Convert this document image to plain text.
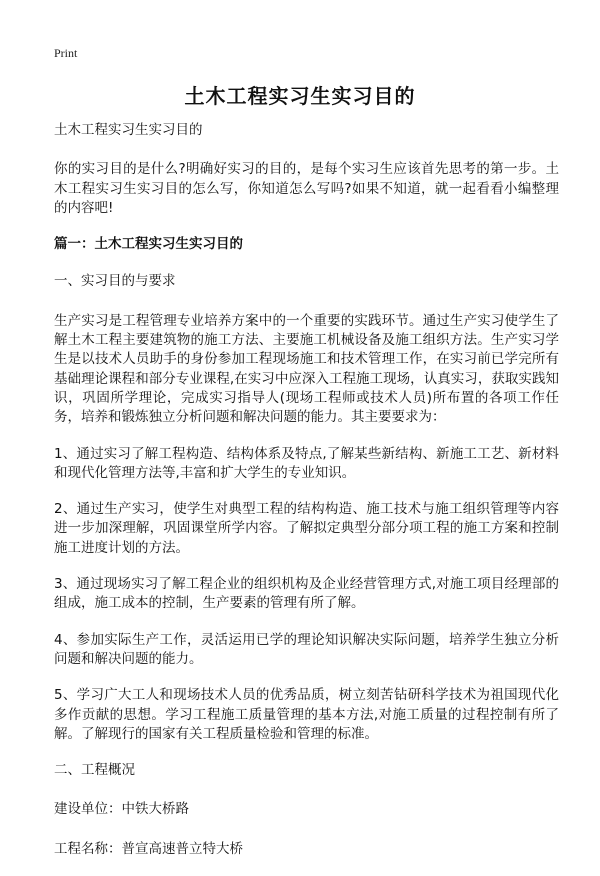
Print
土木工程实习生实习目的

土木工程实习生实习目的

你的实习目的是什么?明确好实习的目的，是每个实习生应该首先思考的第一步。土木工程实习生实习目的怎么写，你知道怎么写吗?如果不知道，就一起看看小编整理的内容吧!

篇一：土木工程实习生实习目的

一、实习目的与要求

生产实习是工程管理专业培养方案中的一个重要的实践环节。通过生产实习使学生了解土木工程主要建筑物的施工方法、主要施工机械设备及施工组织方法。生产实习学生是以技术人员助手的身份参加工程现场施工和技术管理工作，在实习前已学完所有基础理论课程和部分专业课程,在实习中应深入工程施工现场，认真实习，获取实践知识，巩固所学理论，完成实习指导人(现场工程师或技术人员)所布置的各项工作任务，培养和锻炼独立分析问题和解决问题的能力。其主要要求为：

1、通过实习了解工程构造、结构体系及特点,了解某些新结构、新施工工艺、新材料和现代化管理方法等,丰富和扩大学生的专业知识。

2、通过生产实习，使学生对典型工程的结构构造、施工技术与施工组织管理等内容进一步加深理解，巩固课堂所学内容。了解拟定典型分部分项工程的施工方案和控制施工进度计划的方法。

3、通过现场实习了解工程企业的组织机构及企业经营管理方式,对施工项目经理部的组成，施工成本的控制，生产要素的管理有所了解。

4、参加实际生产工作，灵活运用已学的理论知识解决实际问题，培养学生独立分析问题和解决问题的能力。

5、学习广大工人和现场技术人员的优秀品质，树立刻苦钻研科学技术为祖国现代化多作贡献的思想。学习工程施工质量管理的基本方法,对施工质量的过程控制有所了解。了解现行的国家有关工程质量检验和管理的标准。

二、工程概况

建设单位：中铁大桥路

工程名称：普宣高速普立特大桥
